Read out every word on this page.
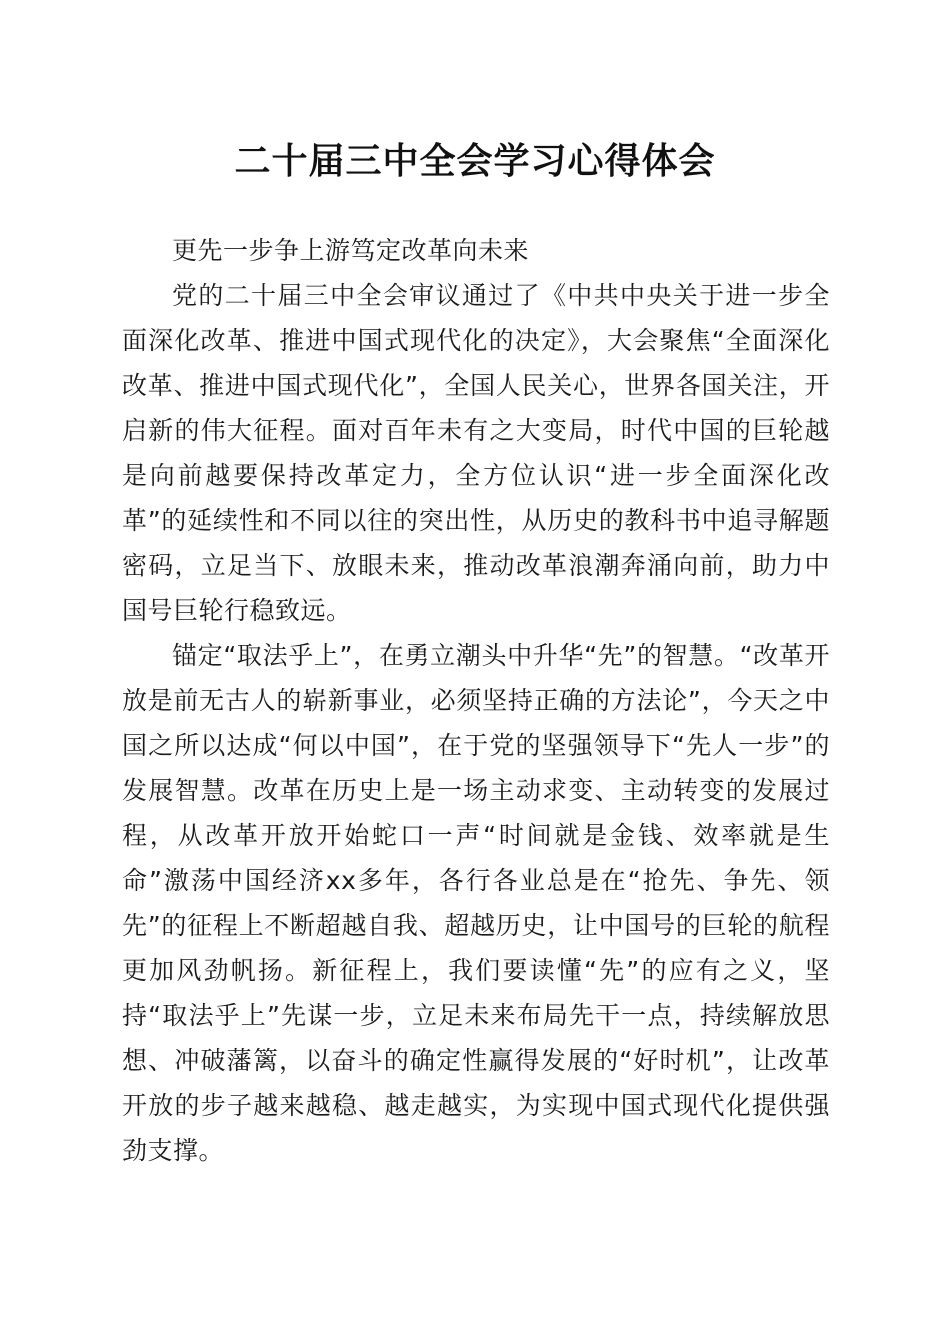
二十届三中全会学习心得体会

更先一步争上游笃定改革向未来

党的二十届三中全会审议通过了《中共中央关于进一步全面深化改革、推进中国式现代化的决定》，大会聚焦“全面深化改革、推进中国式现代化”，全国人民关心，世界各国关注，开启新的伟大征程。面对百年未有之大变局，时代中国的巨轮越是向前越要保持改革定力，全方位认识“进一步全面深化改革”的延续性和不同以往的突出性，从历史的教科书中追寻解题密码，立足当下、放眼未来，推动改革浪潮奔涌向前，助力中国号巨轮行稳致远。

锚定“取法乎上”，在勇立潮头中升华“先”的智慧。“改革开放是前无古人的崭新事业，必须坚持正确的方法论”，今天之中国之所以达成“何以中国”，在于党的坚强领导下“先人一步”的发展智慧。改革在历史上是一场主动求变、主动转变的发展过程，从改革开放开始蛇口一声“时间就是金钱、效率就是生命”激荡中国经济xx多年，各行各业总是在“抢先、争先、领先”的征程上不断超越自我、超越历史，让中国号的巨轮的航程更加风劲帆扬。新征程上，我们要读懂“先”的应有之义，坚持“取法乎上”先谋一步，立足未来布局先干一点，持续解放思想、冲破藩篱，以奋斗的确定性赢得发展的“好时机”，让改革开放的步子越来越稳、越走越实，为实现中国式现代化提供强劲支撑。
